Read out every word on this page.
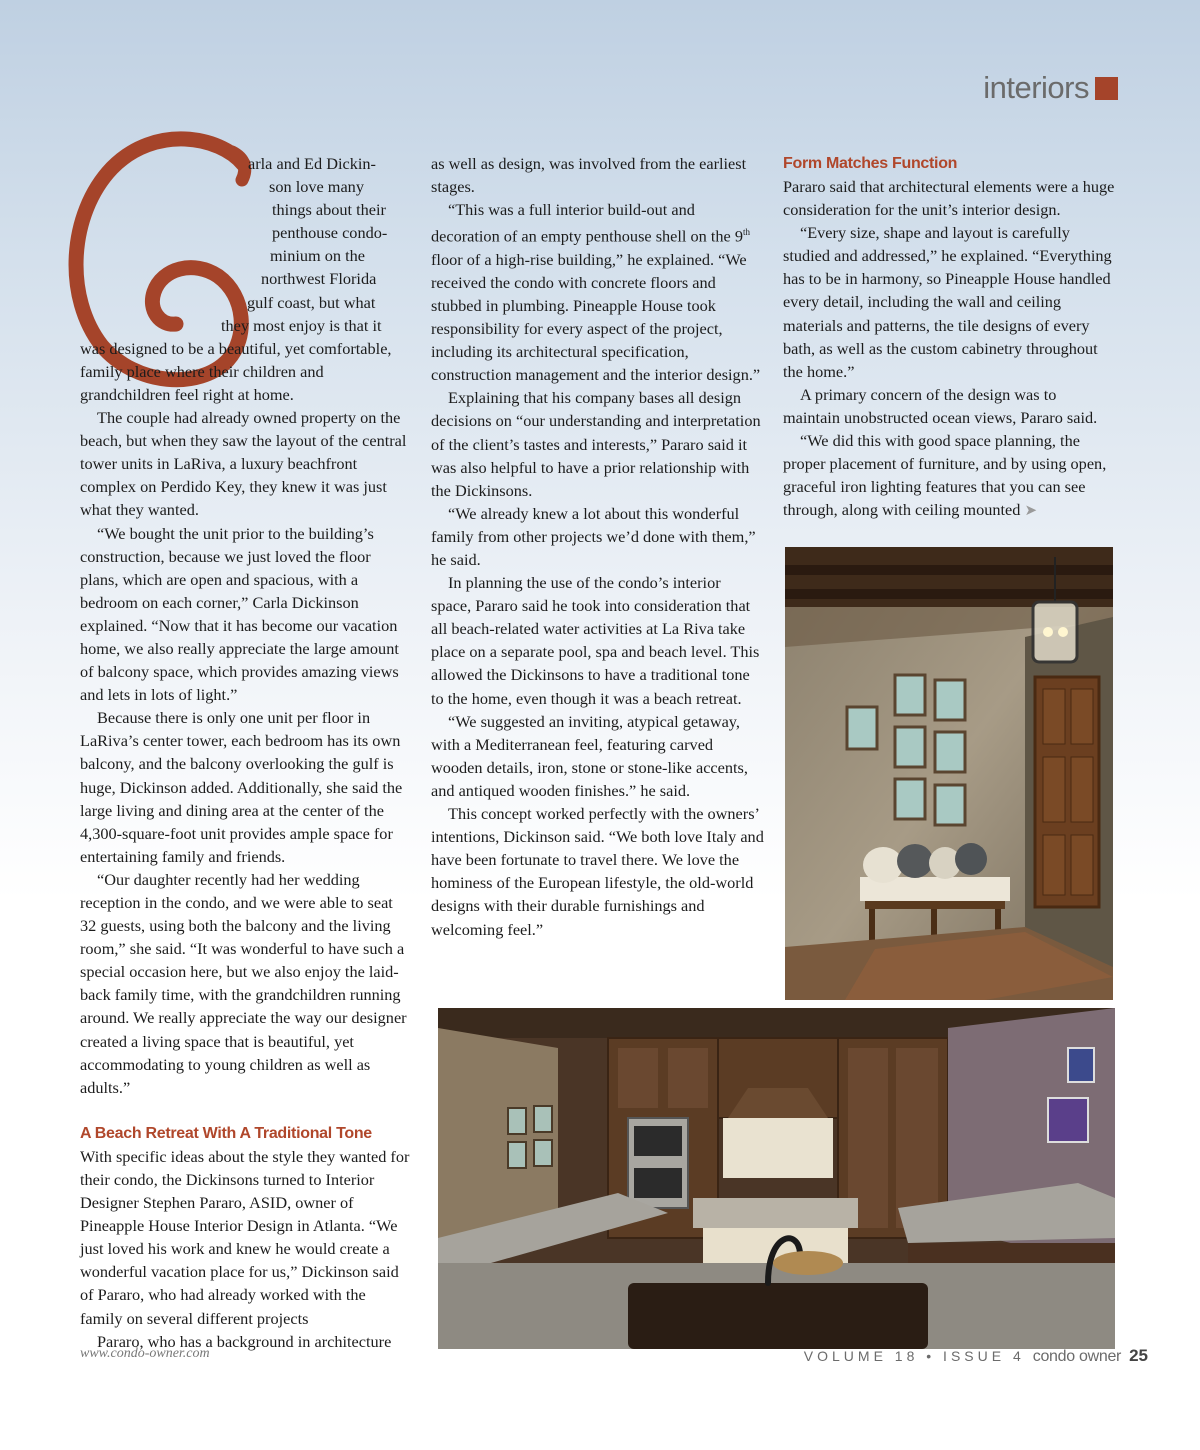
interiors
arla and Ed Dickin-
son love many
things about their
penthouse condo-
minium on the
northwest Florida
gulf coast, but what
they most enjoy is that it

was designed to be a beautiful, yet comfortable, family place where their children and grandchildren feel right at home.

The couple had already owned property on the beach, but when they saw the layout of the central tower units in LaRiva, a luxury beachfront complex on Perdido Key, they knew it was just what they wanted.

“We bought the unit prior to the building’s construction, because we just loved the floor plans, which are open and spacious, with a bedroom on each corner,” Carla Dickinson explained. “Now that it has become our vacation home, we also really appreciate the large amount of balcony space, which provides amazing views and lets in lots of light.”

Because there is only one unit per floor in LaRiva’s center tower, each bedroom has its own balcony, and the balcony overlooking the gulf is huge, Dickinson added. Additionally, she said the large living and dining area at the center of the 4,300-square-foot unit provides ample space for entertaining family and friends.

“Our daughter recently had her wedding reception in the condo, and we were able to seat 32 guests, using both the balcony and the living room,” she said. “It was wonderful to have such a special occasion here, but we also enjoy the laid-back family time, with the grandchildren running around. We really appreciate the way our designer created a living space that is beautiful, yet accommodating to young children as well as adults.”

A Beach Retreat With A Traditional Tone

With specific ideas about the style they wanted for their condo, the Dickinsons turned to Interior Designer Stephen Pararo, ASID, owner of Pineapple House Interior Design in Atlanta. “We just loved his work and knew he would create a wonderful vacation place for us,” Dickinson said of Pararo, who had already worked with the family on several different projects

Pararo, who has a background in architecture

as well as design, was involved from the earliest stages.

“This was a full interior build-out and decoration of an empty penthouse shell on the 9th floor of a high-rise building,” he explained. “We received the condo with concrete floors and stubbed in plumbing. Pineapple House took responsibility for every aspect of the project, including its architectural specification, construction management and the interior design.”

Explaining that his company bases all design decisions on “our understanding and interpretation of the client’s tastes and interests,” Pararo said it was also helpful to have a prior relationship with the Dickinsons.

“We already knew a lot about this wonderful family from other projects we’d done with them,” he said.

In planning the use of the condo’s interior space, Pararo said he took into consideration that all beach-related water activities at La Riva take place on a separate pool, spa and beach level. This allowed the Dickinsons to have a traditional tone to the home, even though it was a beach retreat.

“We suggested an inviting, atypical getaway, with a Mediterranean feel, featuring carved wooden details, iron, stone or stone-like accents, and antiqued wooden finishes.” he said.

This concept worked perfectly with the owners’ intentions, Dickinson said. “We both love Italy and have been fortunate to travel there. We love the hominess of the European lifestyle, the old-world designs with their durable furnishings and welcoming feel.”

Form Matches Function

Pararo said that architectural elements were a huge consideration for the unit’s interior design.

“Every size, shape and layout is carefully studied and addressed,” he explained. “Everything has to be in harmony, so Pineapple House handled every detail, including the wall and ceiling materials and patterns, the tile designs of every bath, as well as the custom cabinetry throughout the home.”

A primary concern of the design was to maintain unobstructed ocean views, Pararo said.

“We did this with good space planning, the proper placement of furniture, and by using open, graceful iron lighting features that you can see through, along with ceiling mounted ➤

www.condo-owner.com	VOLUME 18 • ISSUE 4 condo owner 25
